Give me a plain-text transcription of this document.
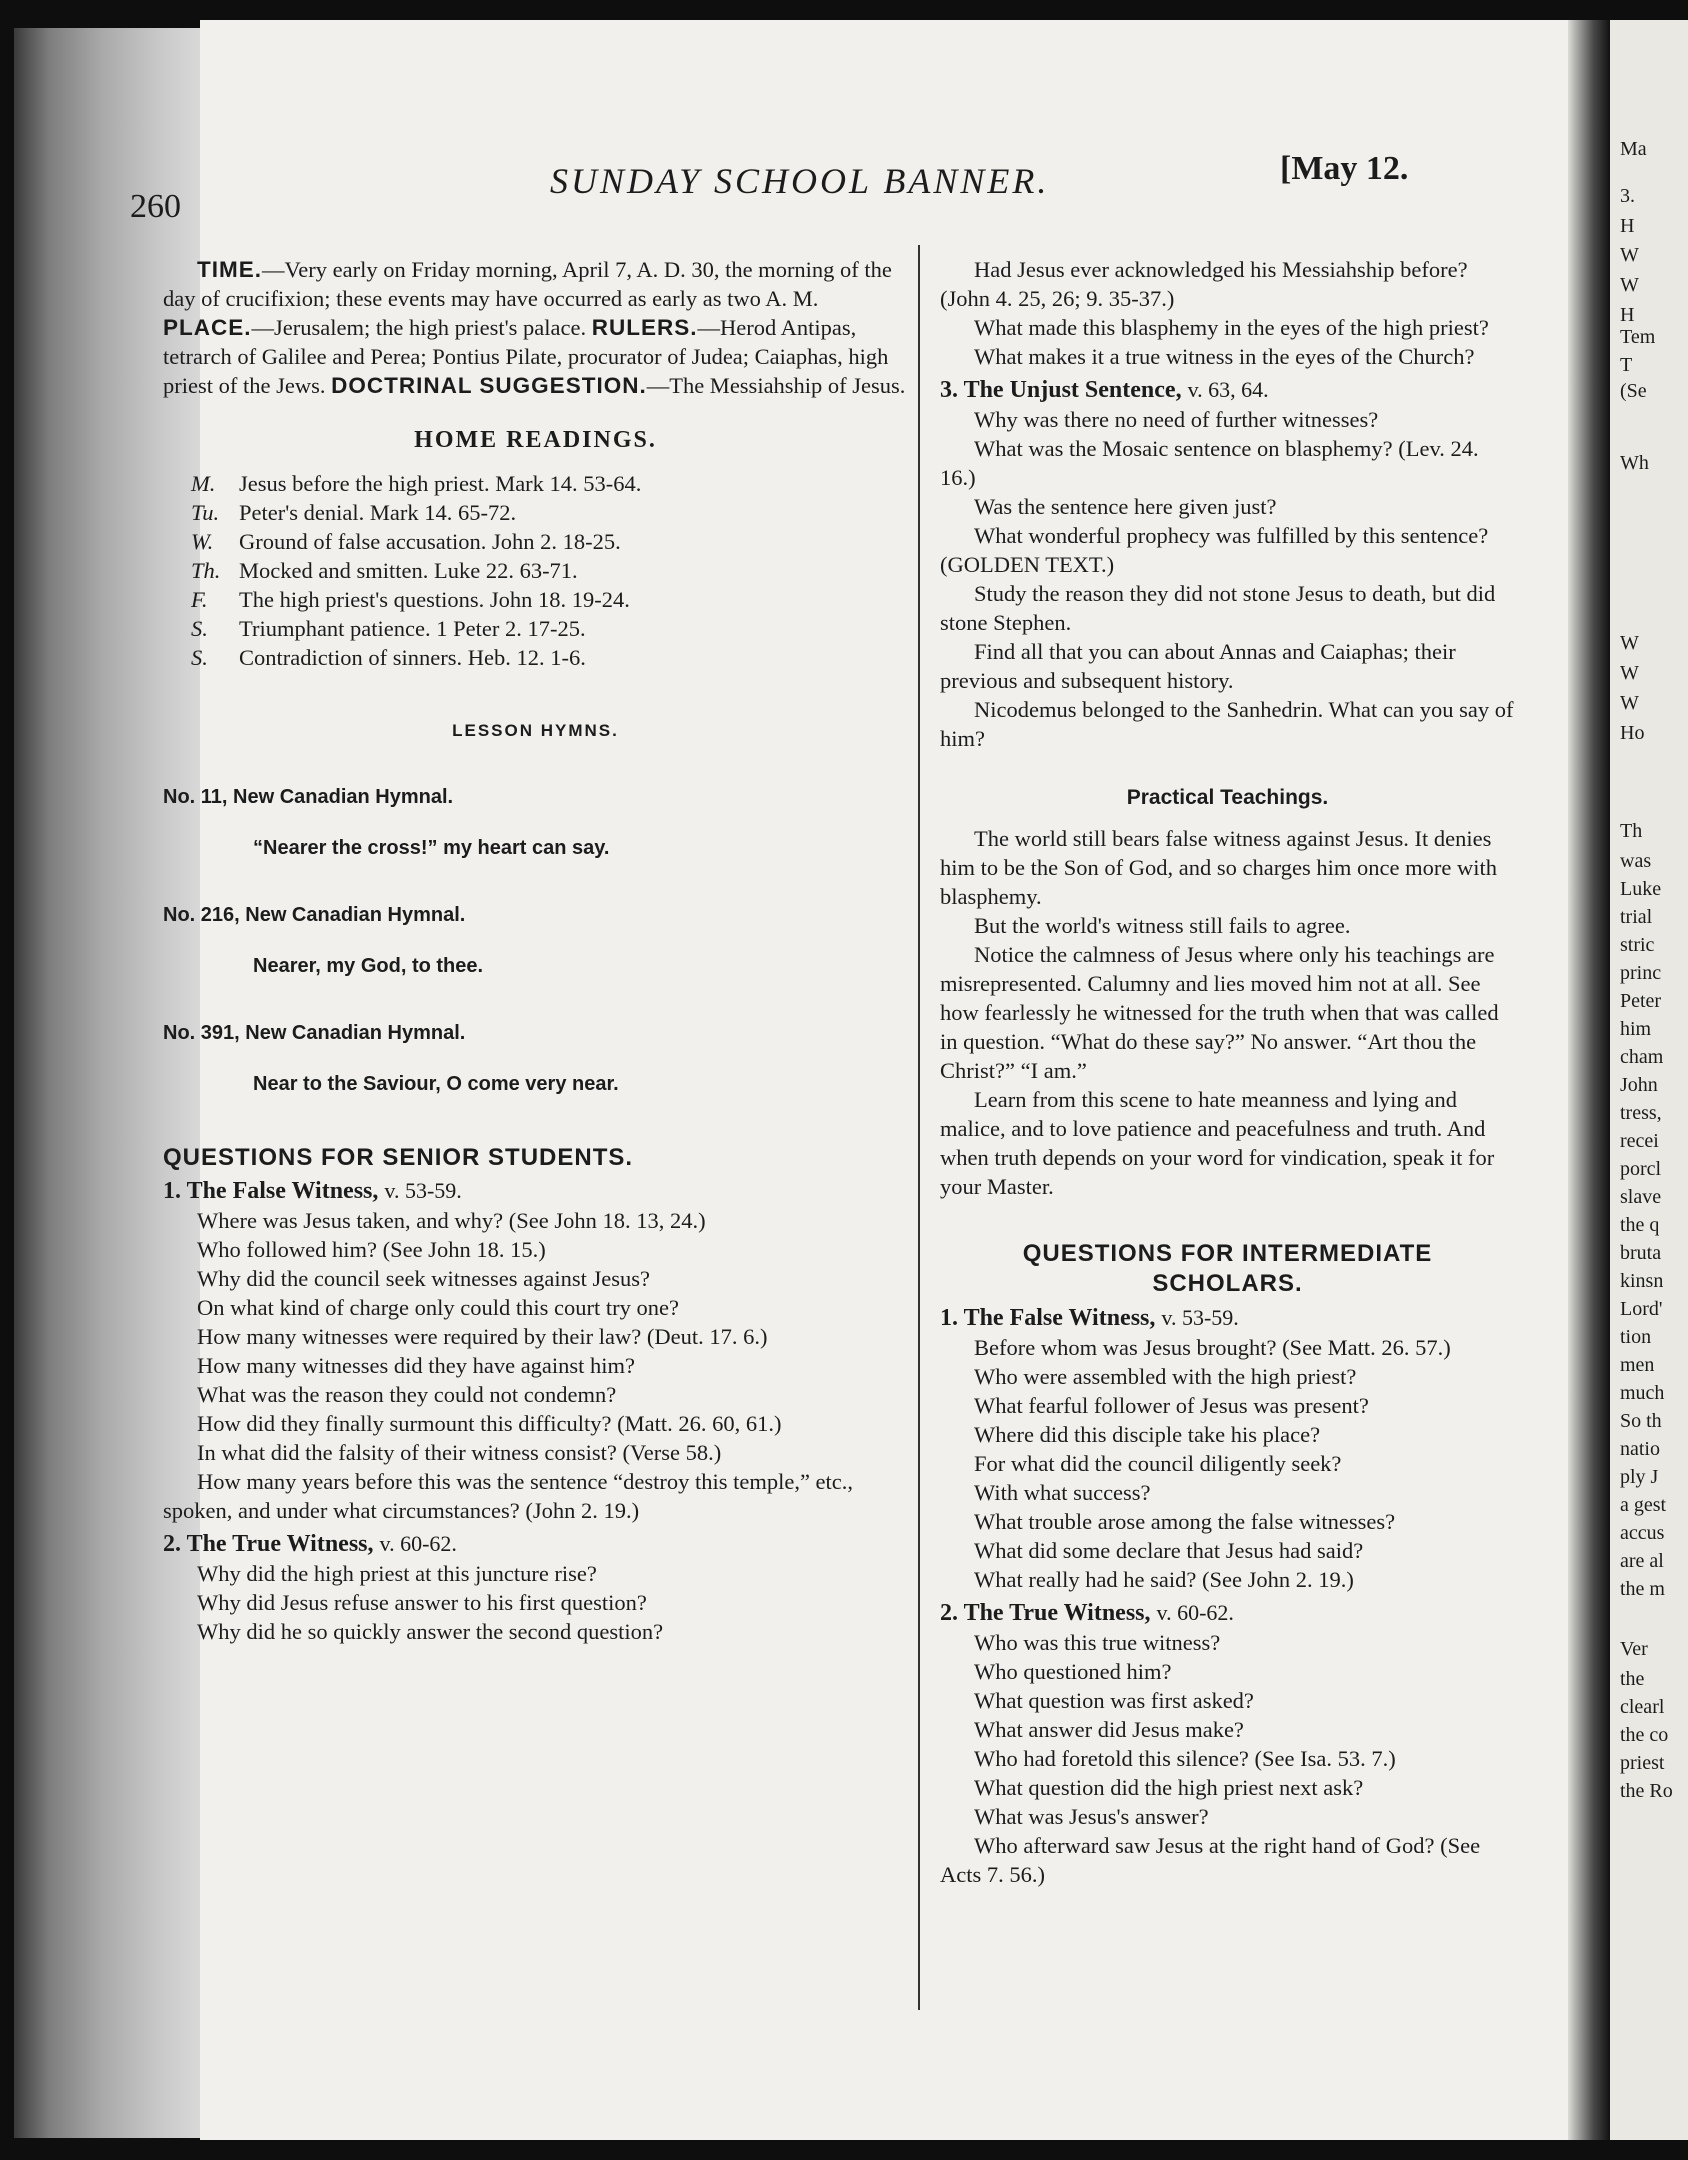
Ma
3.
H
W
W
H
Tem
T
(Se
Wh
W
W
W
Ho
Th
was
Luke
trial
stric
princ
Peter
him
cham
John
tress,
recei
porcl
slave
the q
bruta
kinsn
Lord'
tion
men
much
So th
natio
ply J
a gest
accus
are al
the m
Ver
the
clearl
the co
priest
the Ro
260
SUNDAY SCHOOL BANNER.	[May 12.

TIME.—Very early on Friday morning, April 7, A. D. 30, the morning of the day of crucifixion; these events may have occurred as early as two A. M. PLACE.—Jerusalem; the high priest's palace. RULERS.—Herod Antipas, tetrarch of Galilee and Perea; Pontius Pilate, procurator of Judea; Caiaphas, high priest of the Jews. DOCTRINAL SUGGESTION.—The Messiahship of Jesus.

HOME READINGS.
M.	Jesus before the high priest. Mark 14. 53-64.
Tu. Peter's denial. Mark 14. 65-72.
W.	Ground of false accusation. John 2. 18-25.
Th. Mocked and smitten. Luke 22. 63-71.
F.	The high priest's questions. John 18. 19-24.
S.	Triumphant patience. 1 Peter 2. 17-25.
S.	Contradiction of sinners. Heb. 12. 1-6.
LESSON HYMNS.
No. 11, New Canadian Hymnal.
“Nearer the cross!” my heart can say.
No. 216, New Canadian Hymnal.
Nearer, my God, to thee.
No. 391, New Canadian Hymnal.
Near to the Saviour, O come very near.
QUESTIONS FOR SENIOR STUDENTS.
1. The False Witness, v. 53-59.

Where was Jesus taken, and why? (See John 18. 13, 24.)

Who followed him? (See John 18. 15.)

Why did the council seek witnesses against Jesus?

On what kind of charge only could this court try one?

How many witnesses were required by their law? (Deut. 17. 6.)

How many witnesses did they have against him?

What was the reason they could not condemn?

How did they finally surmount this difficulty? (Matt. 26. 60, 61.)

In what did the falsity of their witness consist? (Verse 58.)

How many years before this was the sentence “destroy this temple,” etc., spoken, and under what circumstances? (John 2. 19.)

2. The True Witness, v. 60-62.

Why did the high priest at this juncture rise?

Why did Jesus refuse answer to his first question?

Why did he so quickly answer the second question?

Had Jesus ever acknowledged his Messiahship before? (John 4. 25, 26; 9. 35-37.)

What made this blasphemy in the eyes of the high priest?

What makes it a true witness in the eyes of the Church?

3. The Unjust Sentence, v. 63, 64.

Why was there no need of further witnesses?

What was the Mosaic sentence on blasphemy? (Lev. 24. 16.)

Was the sentence here given just?

What wonderful prophecy was fulfilled by this sentence? (GOLDEN TEXT.)

Study the reason they did not stone Jesus to death, but did stone Stephen.

Find all that you can about Annas and Caiaphas; their previous and subsequent history.

Nicodemus belonged to the Sanhedrin. What can you say of him?

Practical Teachings.

The world still bears false witness against Jesus. It denies him to be the Son of God, and so charges him once more with blasphemy.

But the world's witness still fails to agree.

Notice the calmness of Jesus where only his teachings are misrepresented. Calumny and lies moved him not at all. See how fearlessly he witnessed for the truth when that was called in question. “What do these say?” No answer. “Art thou the Christ?” “I am.”

Learn from this scene to hate meanness and lying and malice, and to love patience and peacefulness and truth. And when truth depends on your word for vindication, speak it for your Master.

QUESTIONS FOR INTERMEDIATE
SCHOLARS.
1. The False Witness, v. 53-59.

Before whom was Jesus brought? (See Matt. 26. 57.)

Who were assembled with the high priest?

What fearful follower of Jesus was present?

Where did this disciple take his place?

For what did the council diligently seek?

With what success?

What trouble arose among the false witnesses?

What did some declare that Jesus had said?

What really had he said? (See John 2. 19.)

2. The True Witness, v. 60-62.

Who was this true witness?

Who questioned him?

What question was first asked?

What answer did Jesus make?

Who had foretold this silence? (See Isa. 53. 7.)

What question did the high priest next ask?

What was Jesus's answer?

Who afterward saw Jesus at the right hand of God? (See Acts 7. 56.)
